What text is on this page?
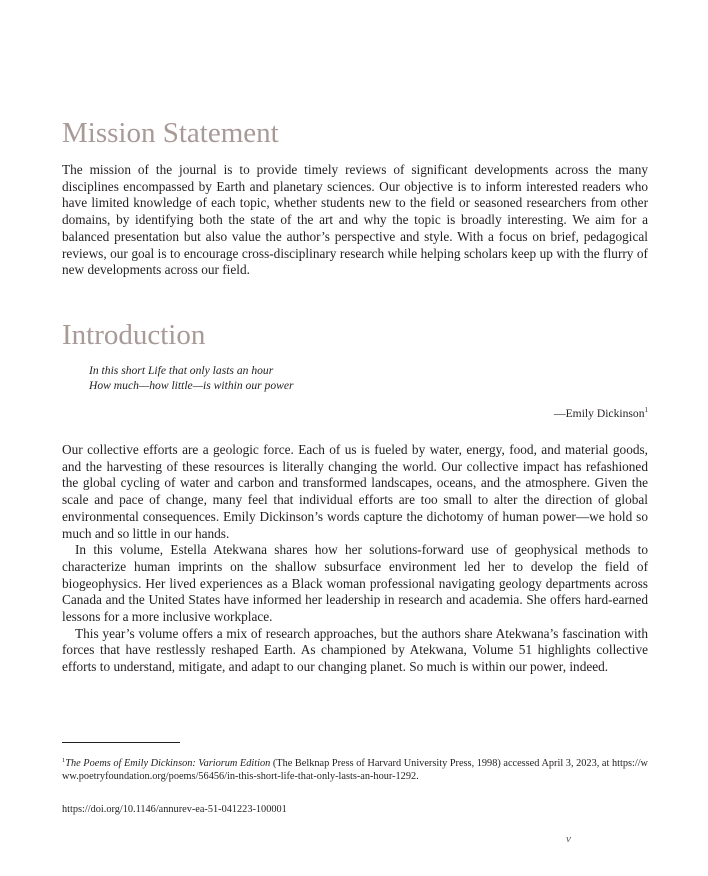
Mission Statement

The mission of the journal is to provide timely reviews of significant developments across the many disciplines encompassed by Earth and planetary sciences. Our objective is to inform interested readers who have limited knowledge of each topic, whether students new to the field or seasoned researchers from other domains, by identifying both the state of the art and why the topic is broadly interesting. We aim for a balanced presentation but also value the author’s perspective and style. With a focus on brief, pedagogical reviews, our goal is to encourage cross-disciplinary research while helping scholars keep up with the flurry of new developments across our field.

Introduction
In this short Life that only lasts an hour
How much—how little—is within our power
—Emily Dickinson$^1$

Our collective efforts are a geologic force. Each of us is fueled by water, energy, food, and material goods, and the harvesting of these resources is literally changing the world. Our collective impact has refashioned the global cycling of water and carbon and transformed landscapes, oceans, and the atmosphere. Given the scale and pace of change, many feel that individual efforts are too small to alter the direction of global environmental consequences. Emily Dickinson’s words capture the dichotomy of human power—we hold so much and so little in our hands.

In this volume, Estella Atekwana shares how her solutions-forward use of geophysical methods to characterize human imprints on the shallow subsurface environment led her to develop the field of biogeophysics. Her lived experiences as a Black woman professional navigating geology departments across Canada and the United States have informed her leadership in research and academia. She offers hard-earned lessons for a more inclusive workplace.

This year’s volume offers a mix of research approaches, but the authors share Atekwana’s fascination with forces that have restlessly reshaped Earth. As championed by Atekwana, Volume 51 highlights collective efforts to understand, mitigate, and adapt to our changing planet. So much is within our power, indeed.

$^1$The Poems of Emily Dickinson: Variorum Edition (The Belknap Press of Harvard University Press, 1998) accessed April 3, 2023, at https://www.poetryfoundation.org/poems/56456/in-this-short-life-that-only-lasts-an-hour-1292.

https://doi.org/10.1146/annurev-ea-51-041223-100001
v
